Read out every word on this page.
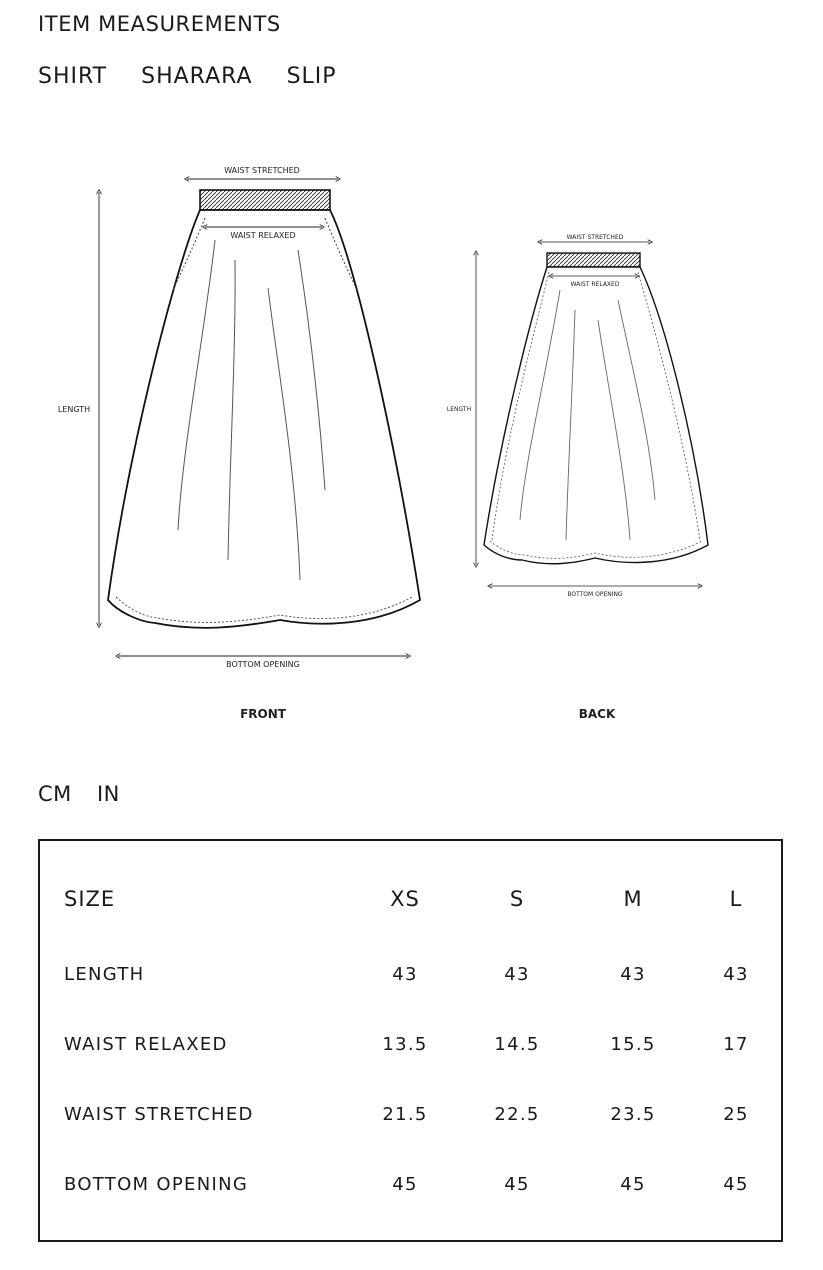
ITEM MEASUREMENTS
SHIRT SHARARA SLIP
WAIST STRETCHED
WAIST RELAXED
LENGTH
BOTTOM OPENING
FRONT
WAIST STRETCHED
WAIST RELAXED
LENGTH
BOTTOM OPENING
BACK
CM IN
SIZE	XS	S	M	L
LENGTH	43	43	43	43
WAIST RELAXED	13.5	14.5	15.5	17
WAIST STRETCHED	21.5	22.5	23.5	25
BOTTOM OPENING	45	45	45	45
